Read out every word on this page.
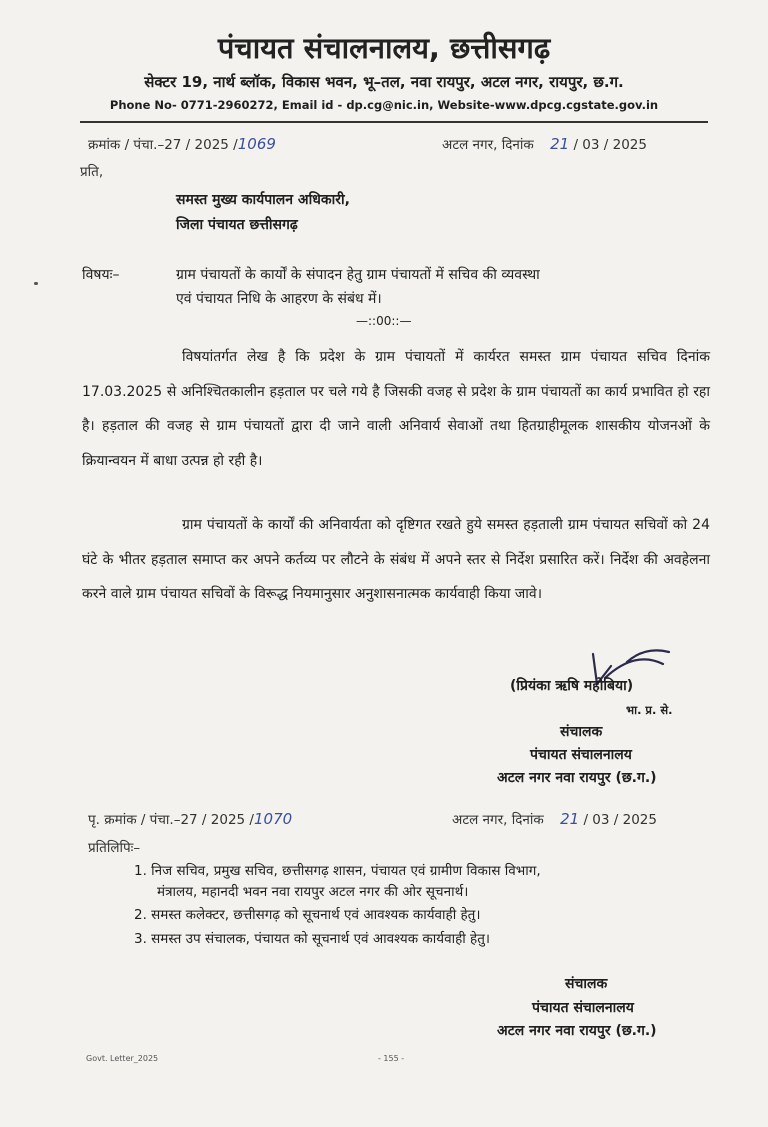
पंचायत संचालनालय, छत्तीसगढ़
सेक्टर 19, नार्थ ब्लॉक, विकास भवन, भू–तल, नवा रायपुर, अटल नगर, रायपुर, छ.ग.
Phone No- 0771-2960272, Email id - dp.cg@nic.in, Website-www.dpcg.cgstate.gov.in
क्रमांक / पंचा.–27 / 2025 /1069	अटल नगर, दिनांक 21 / 03 / 2025
प्रति,
समस्त मुख्य कार्यपालन अधिकारी,
जिला पंचायत छत्तीसगढ़
विषयः–	ग्राम पंचायतों के कार्यों के संपादन हेतु ग्राम पंचायतों में सचिव की व्यवस्था
एवं पंचायत निधि के आहरण के संबंध में।
—::00::—

विषयांतर्गत लेख है कि प्रदेश के ग्राम पंचायतों में कार्यरत समस्त ग्राम पंचायत सचिव दिनांक 17.03.2025 से अनिश्चितकालीन हड़ताल पर चले गये है जिसकी वजह से प्रदेश के ग्राम पंचायतों का कार्य प्रभावित हो रहा है। हड़ताल की वजह से ग्राम पंचायतों द्वारा दी जाने वाली अनिवार्य सेवाओं तथा हितग्राहीमूलक शासकीय योजनओं के क्रियान्वयन में बाधा उत्पन्न हो रही है।

ग्राम पंचायतों के कार्यों की अनिवार्यता को दृष्टिगत रखते हुये समस्त हड़ताली ग्राम पंचायत सचिवों को 24 घंटे के भीतर हड़ताल समाप्त कर अपने कर्तव्य पर लौटने के संबंध में अपने स्तर से निर्देश प्रसारित करें। निर्देश की अवहेलना करने वाले ग्राम पंचायत सचिवों के विरूद्ध नियमानुसार अनुशासनात्मक कार्यवाही किया जावे।

(प्रियंका ऋषि महोबिया)
भा. प्र. से.
संचालक
पंचायत संचालनालय
अटल नगर नवा रायपुर (छ.ग.)
पृ. क्रमांक / पंचा.–27 / 2025 /1070	अटल नगर, दिनांक 21 / 03 / 2025
प्रतिलिपिः–
1. निज सचिव, प्रमुख सचिव, छत्तीसगढ़ शासन, पंचायत एवं ग्रामीण विकास विभाग,
मंत्रालय, महानदी भवन नवा रायपुर अटल नगर की ओर सूचनार्थ।
2. समस्त कलेक्टर, छत्तीसगढ़ को सूचनार्थ एवं आवश्यक कार्यवाही हेतु।
3. समस्त उप संचालक, पंचायत को सूचनार्थ एवं आवश्यक कार्यवाही हेतु।
संचालक
पंचायत संचालनालय
अटल नगर नवा रायपुर (छ.ग.)
Govt. Letter_2025	- 155 -
